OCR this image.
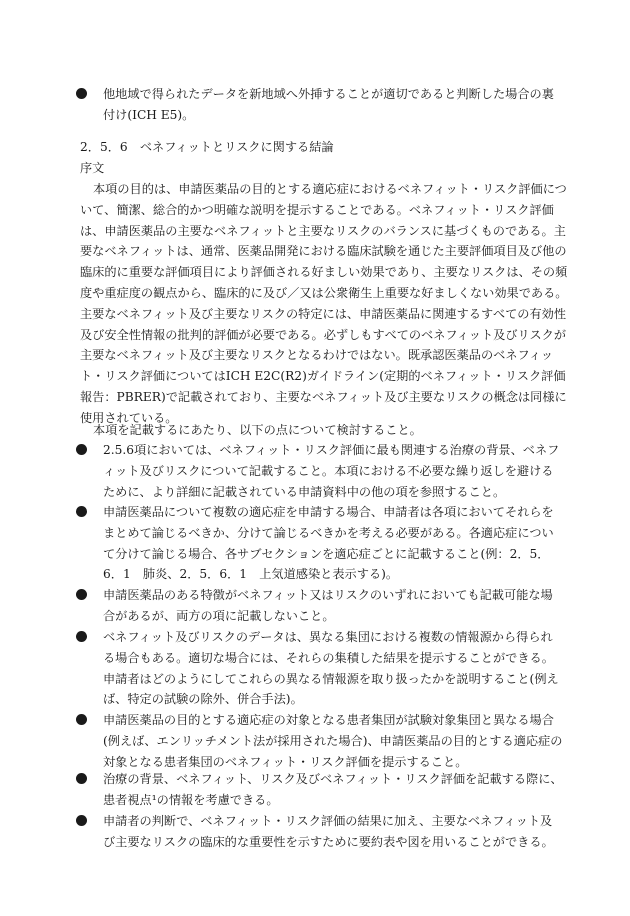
他地域で得られたデータを新地域へ外挿することが適切であると判断した場合の裏付け(ICH E5)。
2．5．6　ベネフィットとリスクに関する結論
序文
本項の目的は、申請医薬品の目的とする適応症におけるベネフィット・リスク評価について、簡潔、総合的かつ明確な説明を提示することである。ベネフィット・リスク評価は、申請医薬品の主要なベネフィットと主要なリスクのバランスに基づくものである。主要なベネフィットは、通常、医薬品開発における臨床試験を通じた主要評価項目及び他の臨床的に重要な評価項目により評価される好ましい効果であり、主要なリスクは、その頻度や重症度の観点から、臨床的に及び／又は公衆衛生上重要な好ましくない効果である。主要なベネフィット及び主要なリスクの特定には、申請医薬品に関連するすべての有効性及び安全性情報の批判的評価が必要である。必ずしもすべてのベネフィット及びリスクが主要なベネフィット及び主要なリスクとなるわけではない。既承認医薬品のベネフィット・リスク評価についてはICH E2C(R2)ガイドライン(定期的ベネフィット・リスク評価報告：PBRER)で記載されており、主要なベネフィット及び主要なリスクの概念は同様に使用されている。
本項を記載するにあたり、以下の点について検討すること。
2.5.6項においては、ベネフィット・リスク評価に最も関連する治療の背景、ベネフィット及びリスクについて記載すること。本項における不必要な繰り返しを避けるために、より詳細に記載されている申請資料中の他の項を参照すること。
申請医薬品について複数の適応症を申請する場合、申請者は各項においてそれらをまとめて論じるべきか、分けて論じるべきかを考える必要がある。各適応症について分けて論じる場合、各サブセクションを適応症ごとに記載すること(例：2．5．6．1　肺炎、2．5．6．1　上気道感染と表示する)。
申請医薬品のある特徴がベネフィット又はリスクのいずれにおいても記載可能な場合があるが、両方の項に記載しないこと。
ベネフィット及びリスクのデータは、異なる集団における複数の情報源から得られる場合もある。適切な場合には、それらの集積した結果を提示することができる。申請者はどのようにしてこれらの異なる情報源を取り扱ったかを説明すること(例えば、特定の試験の除外、併合手法)。
申請医薬品の目的とする適応症の対象となる患者集団が試験対象集団と異なる場合(例えば、エンリッチメント法が採用された場合)、申請医薬品の目的とする適応症の対象となる患者集団のベネフィット・リスク評価を提示すること。
治療の背景、ベネフィット、リスク及びベネフィット・リスク評価を記載する際に、患者視点¹の情報を考慮できる。
申請者の判断で、ベネフィット・リスク評価の結果に加え、主要なベネフィット及び主要なリスクの臨床的な重要性を示すために要約表や図を用いることができる。
